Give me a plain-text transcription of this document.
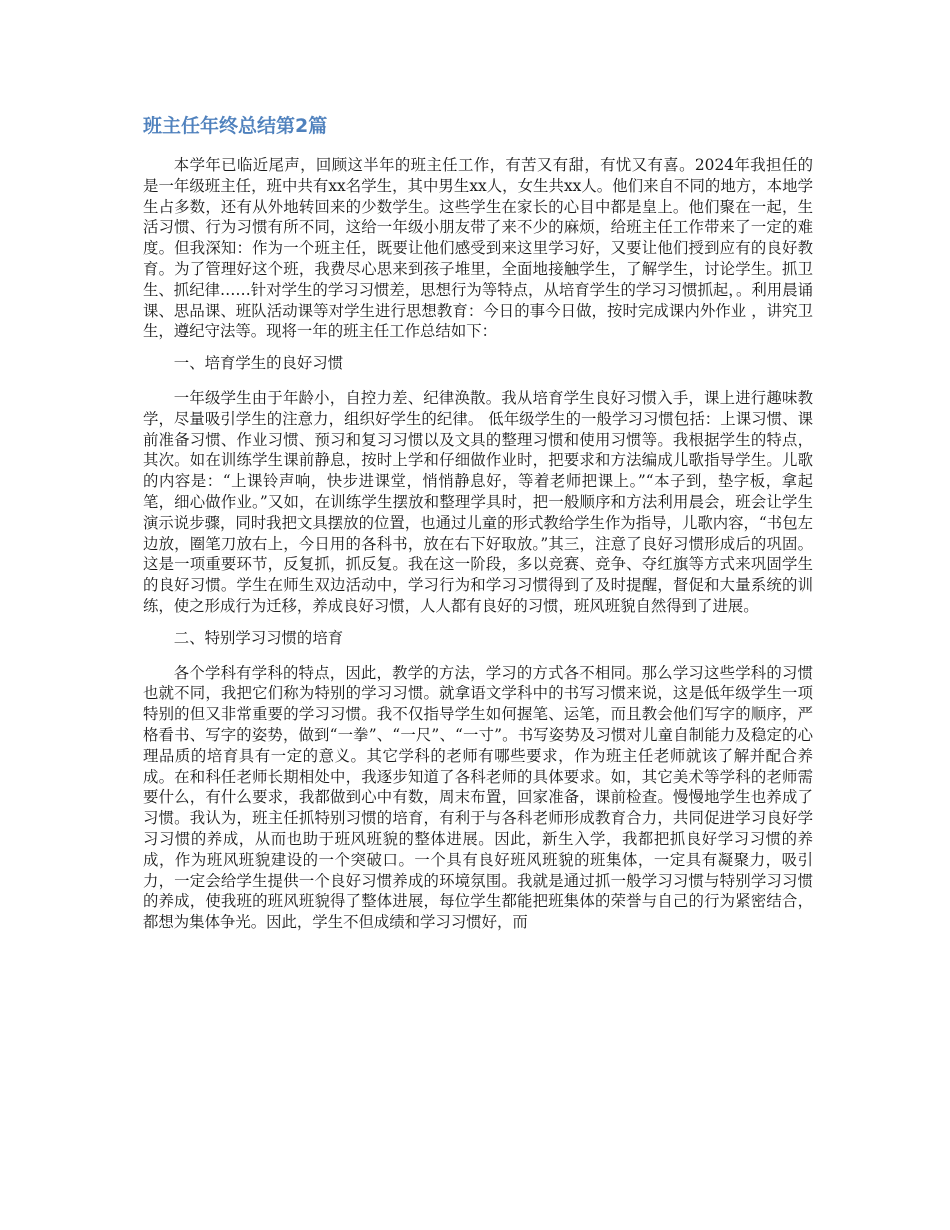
班主任年终总结第2篇

本学年已临近尾声，回顾这半年的班主任工作，有苦又有甜，有忧又有喜。2024年我担任的是一年级班主任，班中共有xx名学生，其中男生xx人，女生共xx人。他们来自不同的地方，本地学生占多数，还有从外地转回来的少数学生。这些学生在家长的心目中都是皇上。他们聚在一起，生活习惯、行为习惯有所不同，这给一年级小朋友带了来不少的麻烦，给班主任工作带来了一定的难度。但我深知：作为一个班主任，既要让他们感受到来这里学习好，又要让他们授到应有的良好教育。为了管理好这个班，我费尽心思来到孩子堆里，全面地接触学生，了解学生，讨论学生。抓卫生、抓纪律……针对学生的学习习惯差，思想行为等特点，从培育学生的学习习惯抓起，。利用晨诵课、思品课、班队活动课等对学生进行思想教育：今日的事今日做，按时完成课内外作业 ，讲究卫生，遵纪守法等。现将一年的班主任工作总结如下：

一、培育学生的良好习惯

一年级学生由于年龄小，自控力差、纪律涣散。我从培育学生良好习惯入手，课上进行趣味教学，尽量吸引学生的注意力，组织好学生的纪律。 低年级学生的一般学习习惯包括：上课习惯、课前准备习惯、作业习惯、预习和复习习惯以及文具的整理习惯和使用习惯等。我根据学生的特点，其次。如在训练学生课前静息，按时上学和仔细做作业时，把要求和方法编成儿歌指导学生。儿歌的内容是：“上课铃声响，快步进课堂，悄悄静息好，等着老师把课上。”“本子到，垫字板，拿起笔，细心做作业。”又如，在训练学生摆放和整理学具时，把一般顺序和方法利用晨会，班会让学生演示说步骤，同时我把文具摆放的位置，也通过儿童的形式教给学生作为指导，儿歌内容，“书包左边放，圈笔刀放右上，今日用的各科书，放在右下好取放。”其三，注意了良好习惯形成后的巩固。这是一项重要环节，反复抓，抓反复。我在这一阶段，多以竞赛、竞争、夺红旗等方式来巩固学生的良好习惯。学生在师生双边活动中，学习行为和学习习惯得到了及时提醒，督促和大量系统的训练，使之形成行为迁移，养成良好习惯，人人都有良好的习惯，班风班貌自然得到了进展。

二、特别学习习惯的培育

各个学科有学科的特点，因此，教学的方法，学习的方式各不相同。那么学习这些学科的习惯也就不同，我把它们称为特别的学习习惯。就拿语文学科中的书写习惯来说，这是低年级学生一项特别的但又非常重要的学习习惯。我不仅指导学生如何握笔、运笔，而且教会他们写字的顺序，严格看书、写字的姿势，做到“一拳”、“一尺”、“一寸”。书写姿势及习惯对儿童自制能力及稳定的心理品质的培育具有一定的意义。其它学科的老师有哪些要求，作为班主任老师就该了解并配合养成。在和科任老师长期相处中，我逐步知道了各科老师的具体要求。如，其它美术等学科的老师需要什么，有什么要求，我都做到心中有数，周末布置，回家准备，课前检查。慢慢地学生也养成了习惯。我认为，班主任抓特别习惯的培育，有利于与各科老师形成教育合力，共同促进学习良好学习习惯的养成，从而也助于班风班貌的整体进展。因此，新生入学，我都把抓良好学习习惯的养成，作为班风班貌建设的一个突破口。一个具有良好班风班貌的班集体，一定具有凝聚力，吸引力，一定会给学生提供一个良好习惯养成的环境氛围。我就是通过抓一般学习习惯与特别学习习惯的养成，使我班的班风班貌得了整体进展，每位学生都能把班集体的荣誉与自己的行为紧密结合，都想为集体争光。因此，学生不但成绩和学习习惯好，而
